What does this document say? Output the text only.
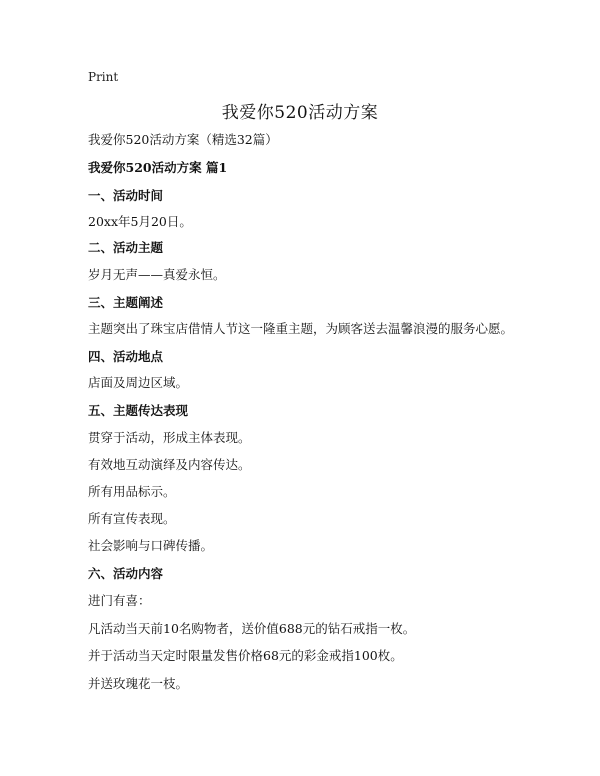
Print
我爱你520活动方案
我爱你520活动方案（精选32篇）
我爱你520活动方案 篇1
一、活动时间
20xx年5月20日。
二、活动主题
岁月无声——真爱永恒。
三、主题阐述
主题突出了珠宝店借情人节这一隆重主题，为顾客送去温馨浪漫的服务心愿。
四、活动地点
店面及周边区域。
五、主题传达表现
贯穿于活动，形成主体表现。
有效地互动演绎及内容传达。
所有用品标示。
所有宣传表现。
社会影响与口碑传播。
六、活动内容
进门有喜：
凡活动当天前10名购物者，送价值688元的钻石戒指一枚。
并于活动当天定时限量发售价格68元的彩金戒指100枚。
并送玫瑰花一枝。
